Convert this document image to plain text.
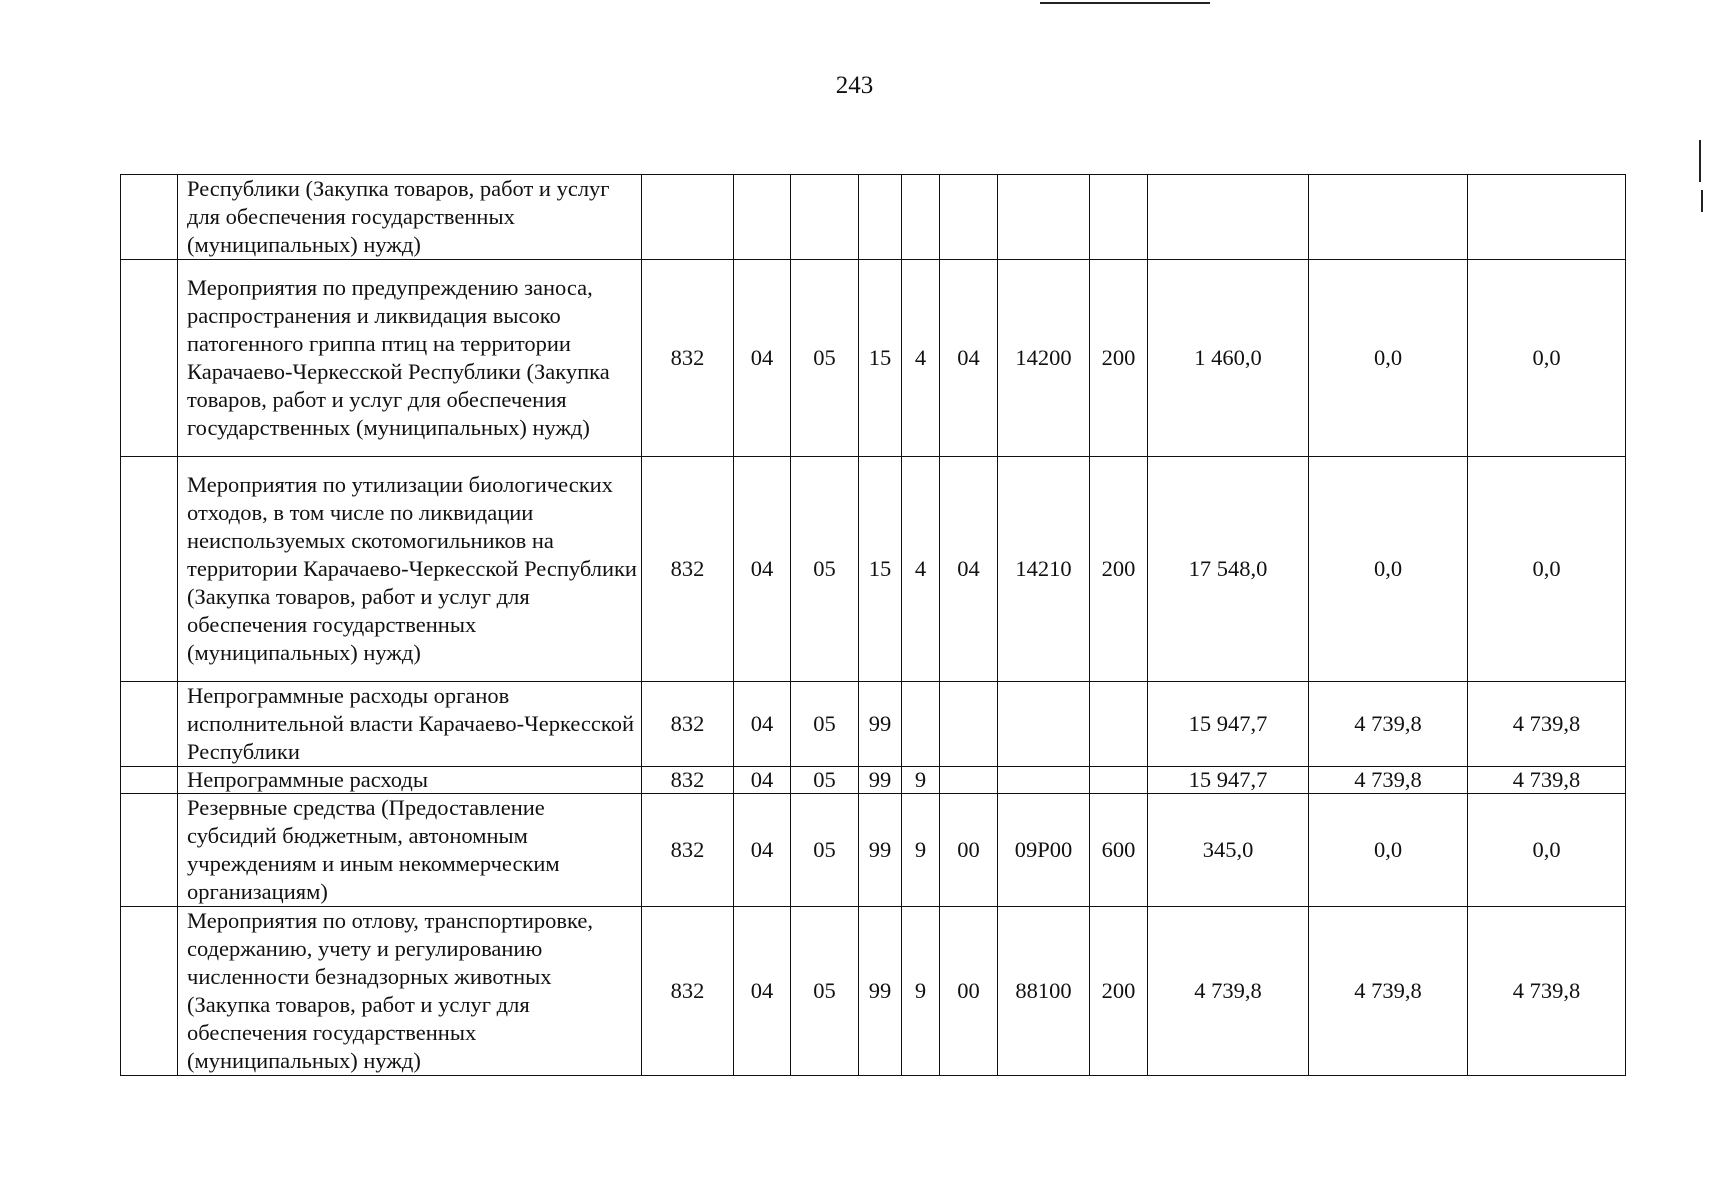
243
	Республики (Закупка товаров, работ и услуг для обеспечения государственных (муниципальных) нужд)											
	Мероприятия по предупреждению заноса, распространения и ликвидация высоко патогенного гриппа птиц на территории Карачаево-Черкесской Республики (Закупка товаров, работ и услуг для обеспечения государственных (муниципальных) нужд)	832	04	05	15	4	04	14200	200	1 460,0	0,0	0,0
	Мероприятия по утилизации биологических отходов, в том числе по ликвидации неиспользуемых скотомогильников на территории Карачаево-Черкесской Республики (Закупка товаров, работ и услуг для обеспечения государственных (муниципальных) нужд)	832	04	05	15	4	04	14210	200	17 548,0	0,0	0,0
	Непрограммные расходы органов исполнительной власти Карачаево-Черкесской Республики	832	04	05	99					15 947,7	4 739,8	4 739,8
	Непрограммные расходы	832	04	05	99	9				15 947,7	4 739,8	4 739,8
	Резервные средства (Предоставление субсидий бюджетным, автономным учреждениям и иным некоммерческим организациям)	832	04	05	99	9	00	09Р00	600	345,0	0,0	0,0
	Мероприятия по отлову, транспортировке, содержанию, учету и регулированию численности безнадзорных животных (Закупка товаров, работ и услуг для обеспечения государственных (муниципальных) нужд)	832	04	05	99	9	00	88100	200	4 739,8	4 739,8	4 739,8
